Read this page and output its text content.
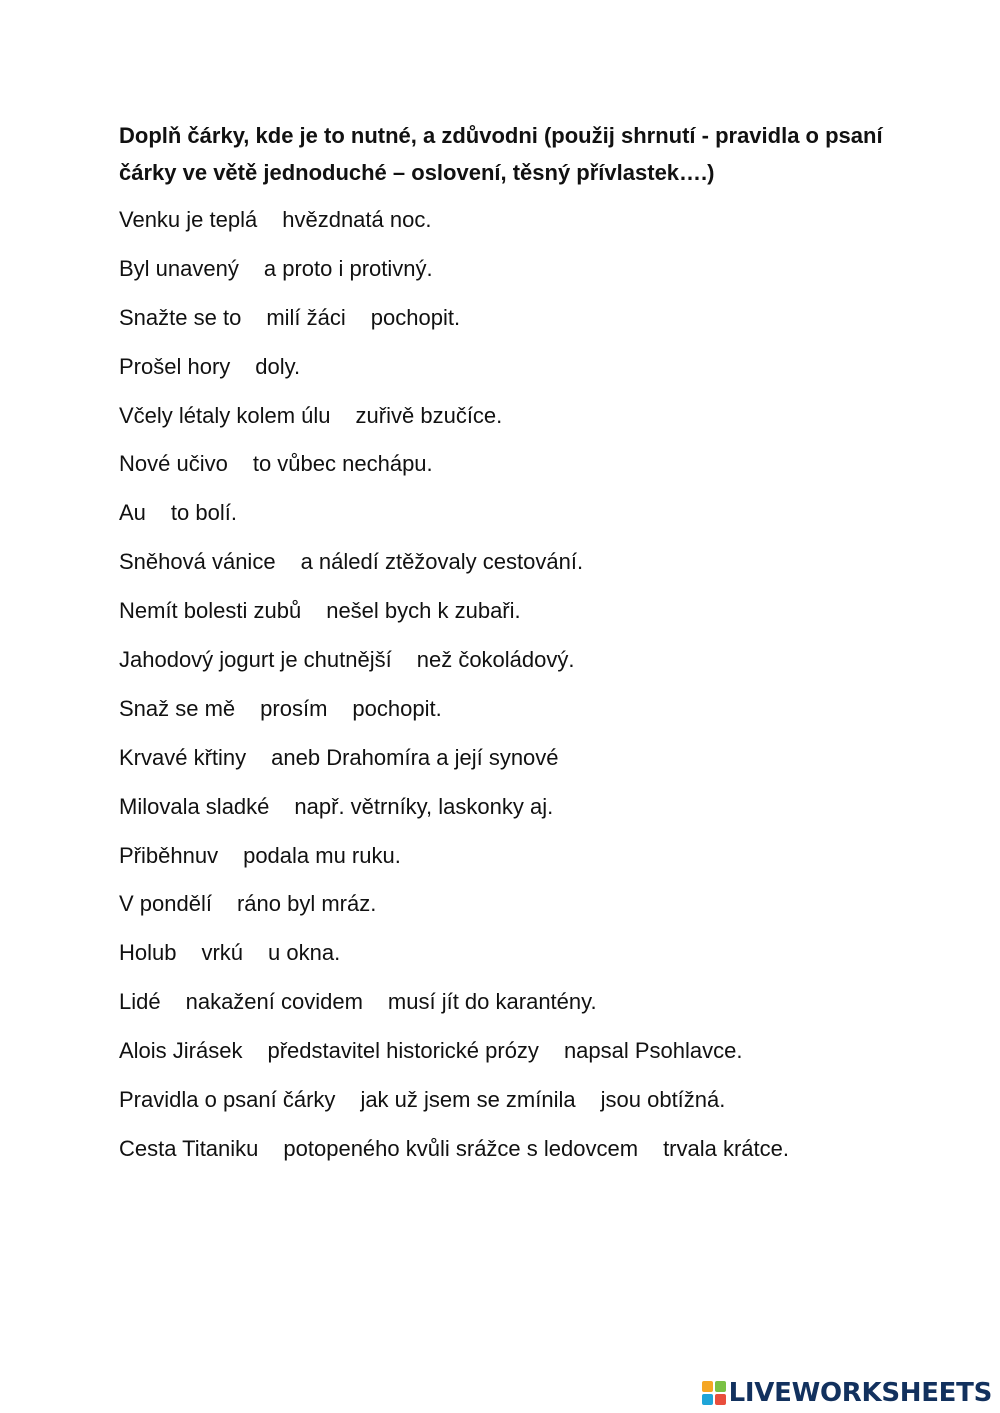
Doplň čárky, kde je to nutné, a zdůvodni (použij shrnutí - pravidla o psaní čárky ve větě jednoduché – oslovení, těsný přívlastek….)
Venku je teplá hvězdnatá noc.
Byl unavený a proto i protivný.
Snažte se to milí žáci pochopit.
Prošel hory doly.
Včely létaly kolem úlu zuřivě bzučíce.
Nové učivo to vůbec nechápu.
Au to bolí.
Sněhová vánice a náledí ztěžovaly cestování.
Nemít bolesti zubů nešel bych k zubaři.
Jahodový jogurt je chutnější než čokoládový.
Snaž se mě prosím pochopit.
Krvavé křtiny aneb Drahomíra a její synové
Milovala sladké např. větrníky, laskonky aj.
Přiběhnuv podala mu ruku.
V pondělí ráno byl mráz.
Holub vrkú u okna.
Lidé nakažení covidem musí jít do karantény.
Alois Jirásek představitel historické prózy napsal Psohlavce.
Pravidla o psaní čárky jak už jsem se zmínila jsou obtížná.
Cesta Titaniku potopeného kvůli srážce s ledovcem trvala krátce.
LIVEWORKSHEETS
